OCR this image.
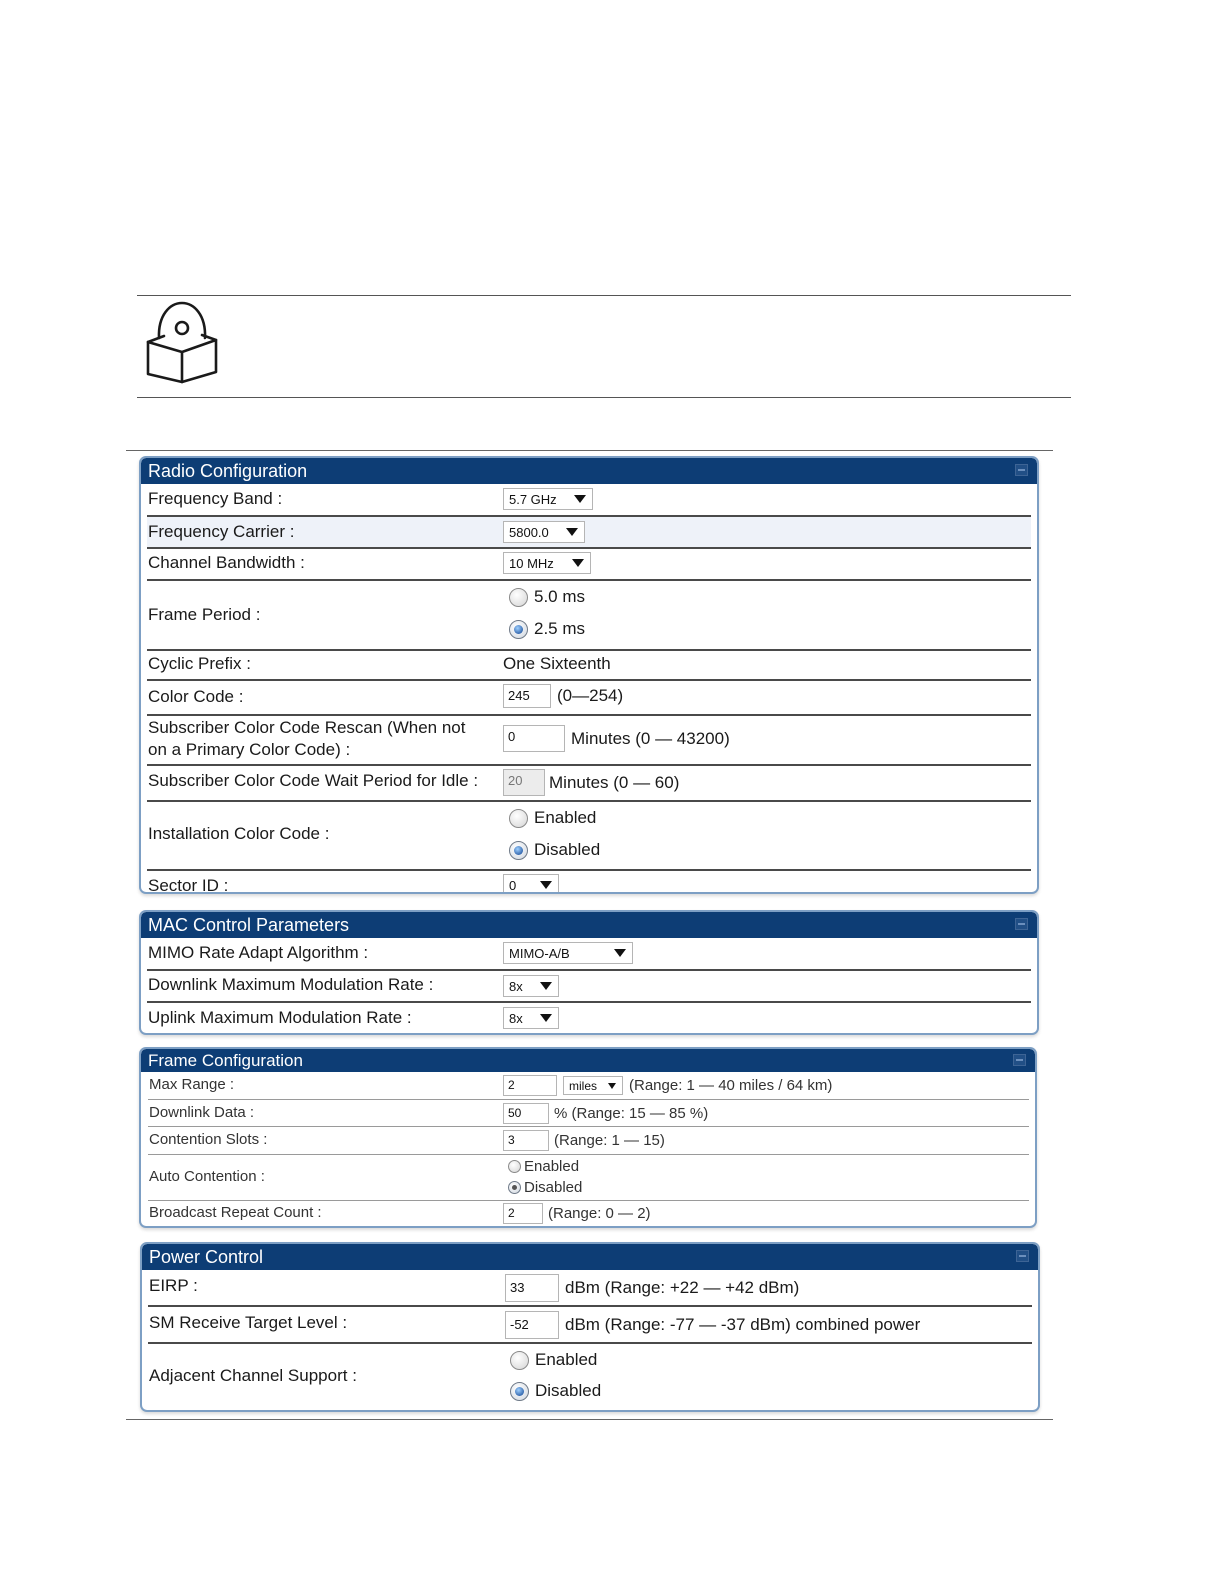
Radio Configuration
Frequency Band :	5.7 GHz
Frequency Carrier :	5800.0
Channel Bandwidth :	10 MHz
Frame Period :
5.0 ms
2.5 ms
Cyclic Prefix :	One Sixteenth
Color Code :	245	(0—254)
Subscriber Color Code Rescan (When not
on a Primary Color Code) :
0	Minutes (0 — 43200)
Subscriber Color Code Wait Period for Idle :	20	Minutes (0 — 60)
Installation Color Code :
Enabled
Disabled
Sector ID :	0
MAC Control Parameters
MIMO Rate Adapt Algorithm :	MIMO-A/B
Downlink Maximum Modulation Rate :	8x
Uplink Maximum Modulation Rate :	8x
Frame Configuration
Max Range :	2	miles (Range: 1 — 40 miles / 64 km)
Downlink Data :	50	% (Range: 15 — 85 %)
Contention Slots :	3	(Range: 1 — 15)
Auto Contention :
Enabled
Disabled
Broadcast Repeat Count :	2	(Range: 0 — 2)
Power Control
EIRP :	33	dBm (Range: +22 — +42 dBm)
SM Receive Target Level :	-52	dBm (Range: -77 — -37 dBm) combined power
Adjacent Channel Support :
Enabled
Disabled
